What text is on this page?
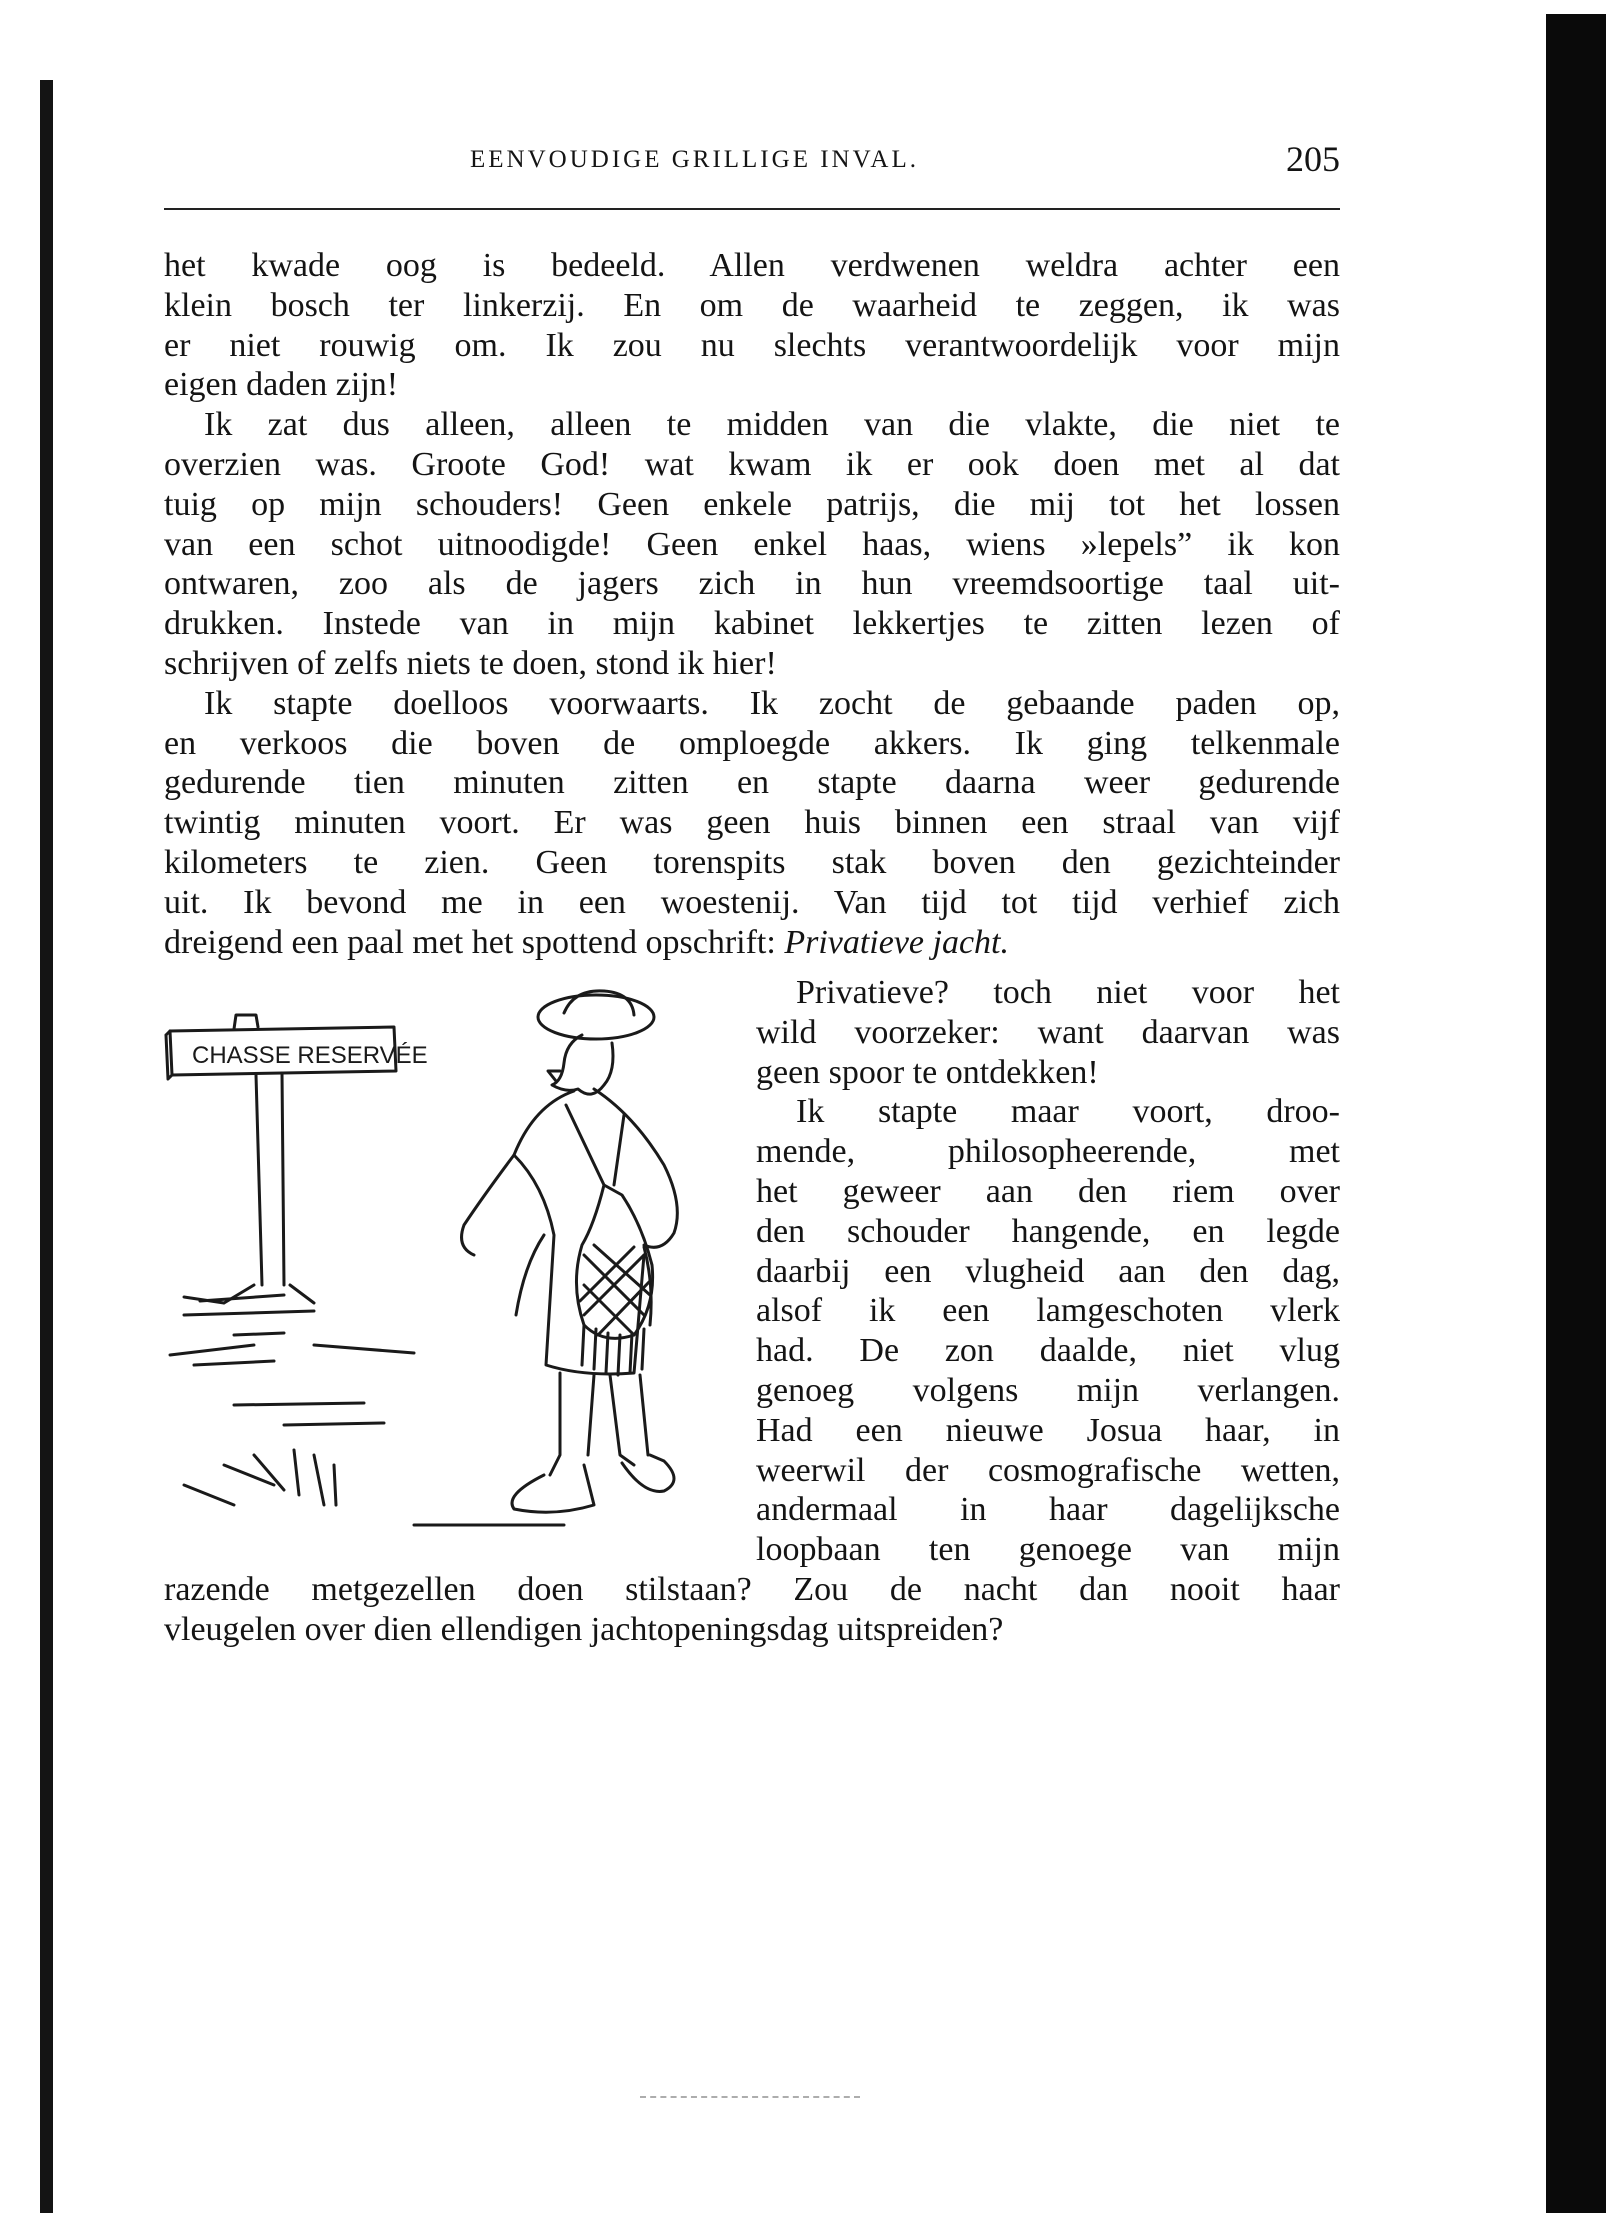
EENVOUDIGE GRILLIGE INVAL.	205
het kwade oog is bedeeld. Allen verdwenen weldra achter een
klein bosch ter linkerzij. En om de waarheid te zeggen, ik was
er niet rouwig om. Ik zou nu slechts verantwoordelijk voor mijn
eigen daden zijn!
Ik zat dus alleen, alleen te midden van die vlakte, die niet te
overzien was. Groote God! wat kwam ik er ook doen met al dat
tuig op mijn schouders! Geen enkele patrijs, die mij tot het lossen
van een schot uitnoodigde! Geen enkel haas, wiens »lepels” ik kon
ontwaren, zoo als de jagers zich in hun vreemdsoortige taal uit-
drukken. Instede van in mijn kabinet lekkertjes te zitten lezen of
schrijven of zelfs niets te doen, stond ik hier!
Ik stapte doelloos voorwaarts. Ik zocht de gebaande paden op,
en verkoos die boven de omploegde akkers. Ik ging telkenmale
gedurende tien minuten zitten en stapte daarna weer gedurende
twintig minuten voort. Er was geen huis binnen een straal van vijf
kilometers te zien. Geen torenspits stak boven den gezichteinder
uit. Ik bevond me in een woestenij. Van tijd tot tijd verhief zich
dreigend een paal met het spottend opschrift: Privatieve jacht.
Privatieve? toch niet voor het
wild voorzeker: want daarvan was
geen spoor te ontdekken!
Ik stapte maar voort, droo-
mende, philosopheerende, met
het geweer aan den riem over
den schouder hangende, en legde
daarbij een vlugheid aan den dag,
alsof ik een lamgeschoten vlerk
had. De zon daalde, niet vlug
genoeg volgens mijn verlangen.
Had een nieuwe Josua haar, in
weerwil der cosmografische wetten,
andermaal in haar dagelijksche
loopbaan ten genoege van mijn
razende metgezellen doen stilstaan? Zou de nacht dan nooit haar
vleugelen over dien ellendigen jachtopeningsdag uitspreiden?
CHASSE RESERVÉE
